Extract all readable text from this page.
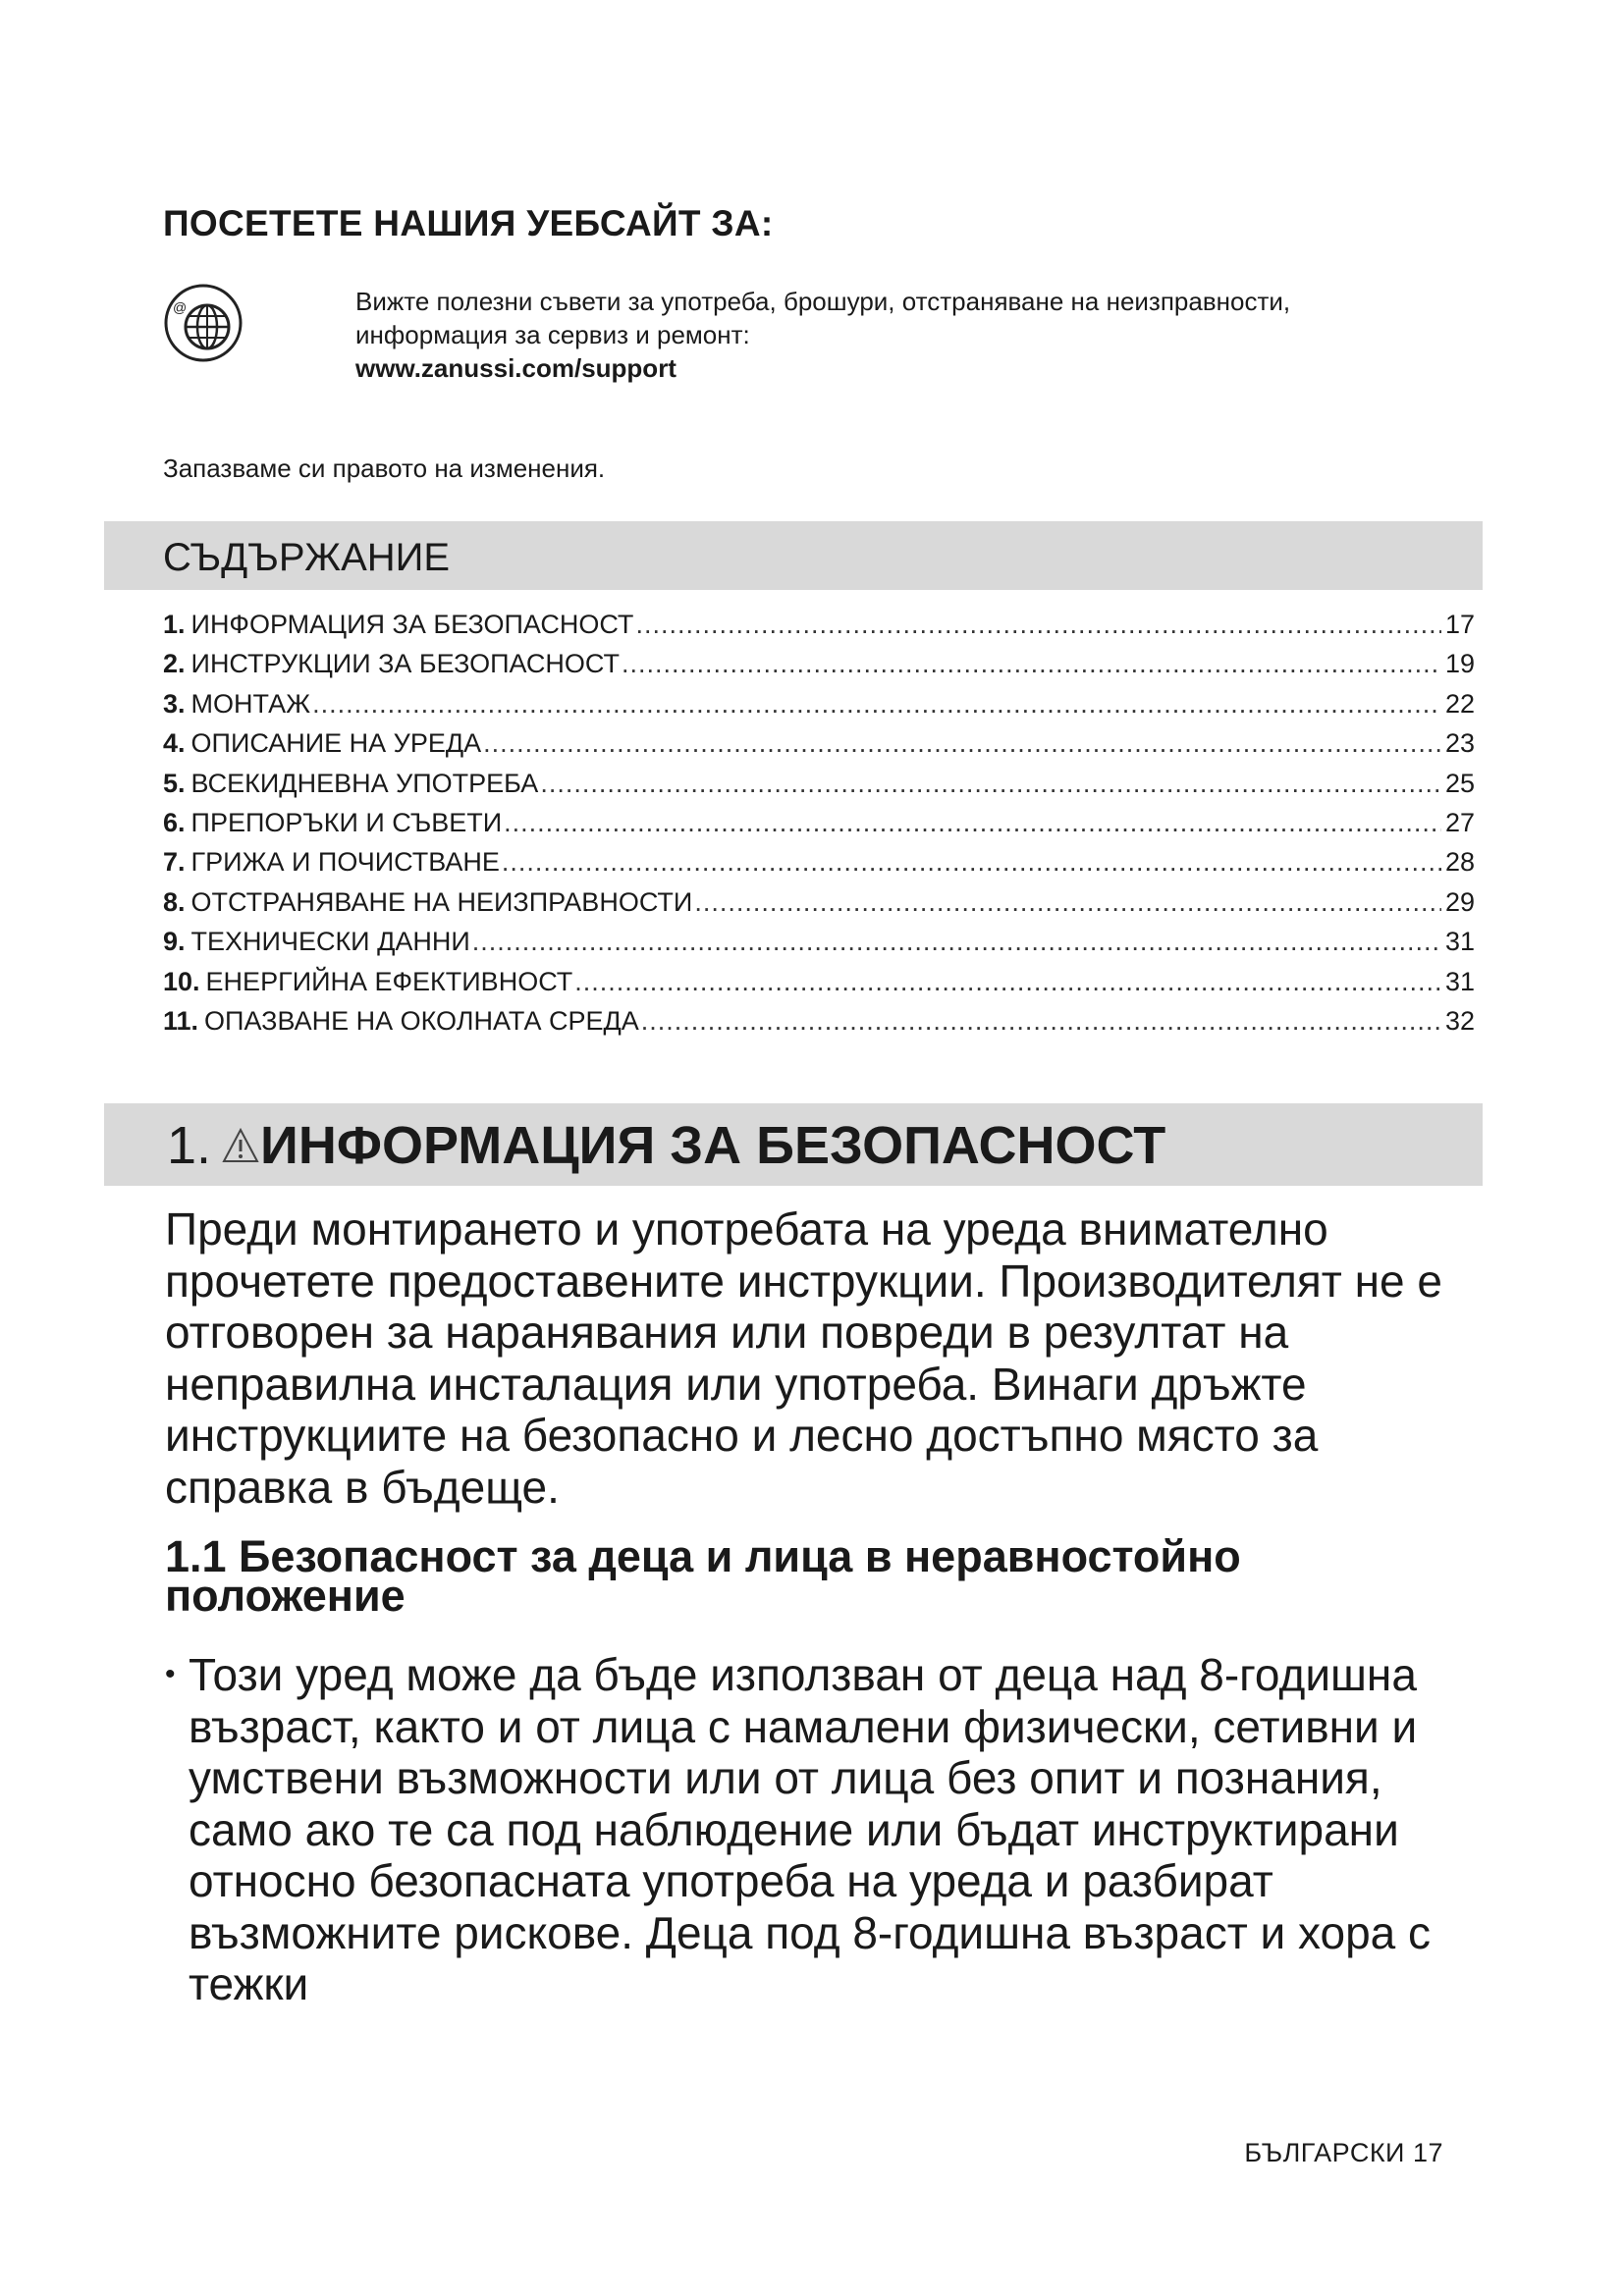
ПОСЕТЕТЕ НАШИЯ УЕБСАЙТ ЗА:
@	Вижте полезни съвети за употреба, брошури, отстраняване на неизправности,
информация за сервиз и ремонт:
www.zanussi.com/support
Запазваме си правото на изменения.
СЪДЪРЖАНИЕ
1. ИНФОРМАЦИЯ ЗА БЕЗОПАСНОСТ .....	17
2. ИНСТРУКЦИИ ЗА БЕЗОПАСНОСТ .....	19
3. МОНТАЖ .....	22
4. ОПИСАНИЕ НА УРЕДА .....	23
5. ВСЕКИДНЕВНА УПОТРЕБА .....	25
6. ПРЕПОРЪКИ И СЪВЕТИ .....	27
7. ГРИЖА И ПОЧИСТВАНЕ .....	28
8. ОТСТРАНЯВАНЕ НА НЕИЗПРАВНОСТИ .....	29
9. ТЕХНИЧЕСКИ ДАННИ .....	31
10. ЕНЕРГИЙНА ЕФЕКТИВНОСТ .....	31
11. ОПАЗВАНЕ НА ОКОЛНАТА СРЕДА .....	32
1. ИНФОРМАЦИЯ ЗА БЕЗОПАСНОСТ

Преди монтирането и употребата на уреда внимателно прочетете предоставените инструкции. Производителят не е отговорен за наранявания или повреди в резултат на неправилна инсталация или употреба. Винаги дръжте инструкциите на безопасно и лесно достъпно място за справка в бъдеще.

1.1 Безопасност за деца и лица в неравностойно положение
• Този уред може да бъде използван от деца над 8-годишна възраст, както и от лица с намалени физически, сетивни и умствени възможности или от лица без опит и познания, само ако те са под наблюдение или бъдат инструктирани относно безопасната употреба на уреда и разбират възможните рискове. Деца под 8-годишна възраст и хора с тежки

БЪЛГАРСКИ 17
